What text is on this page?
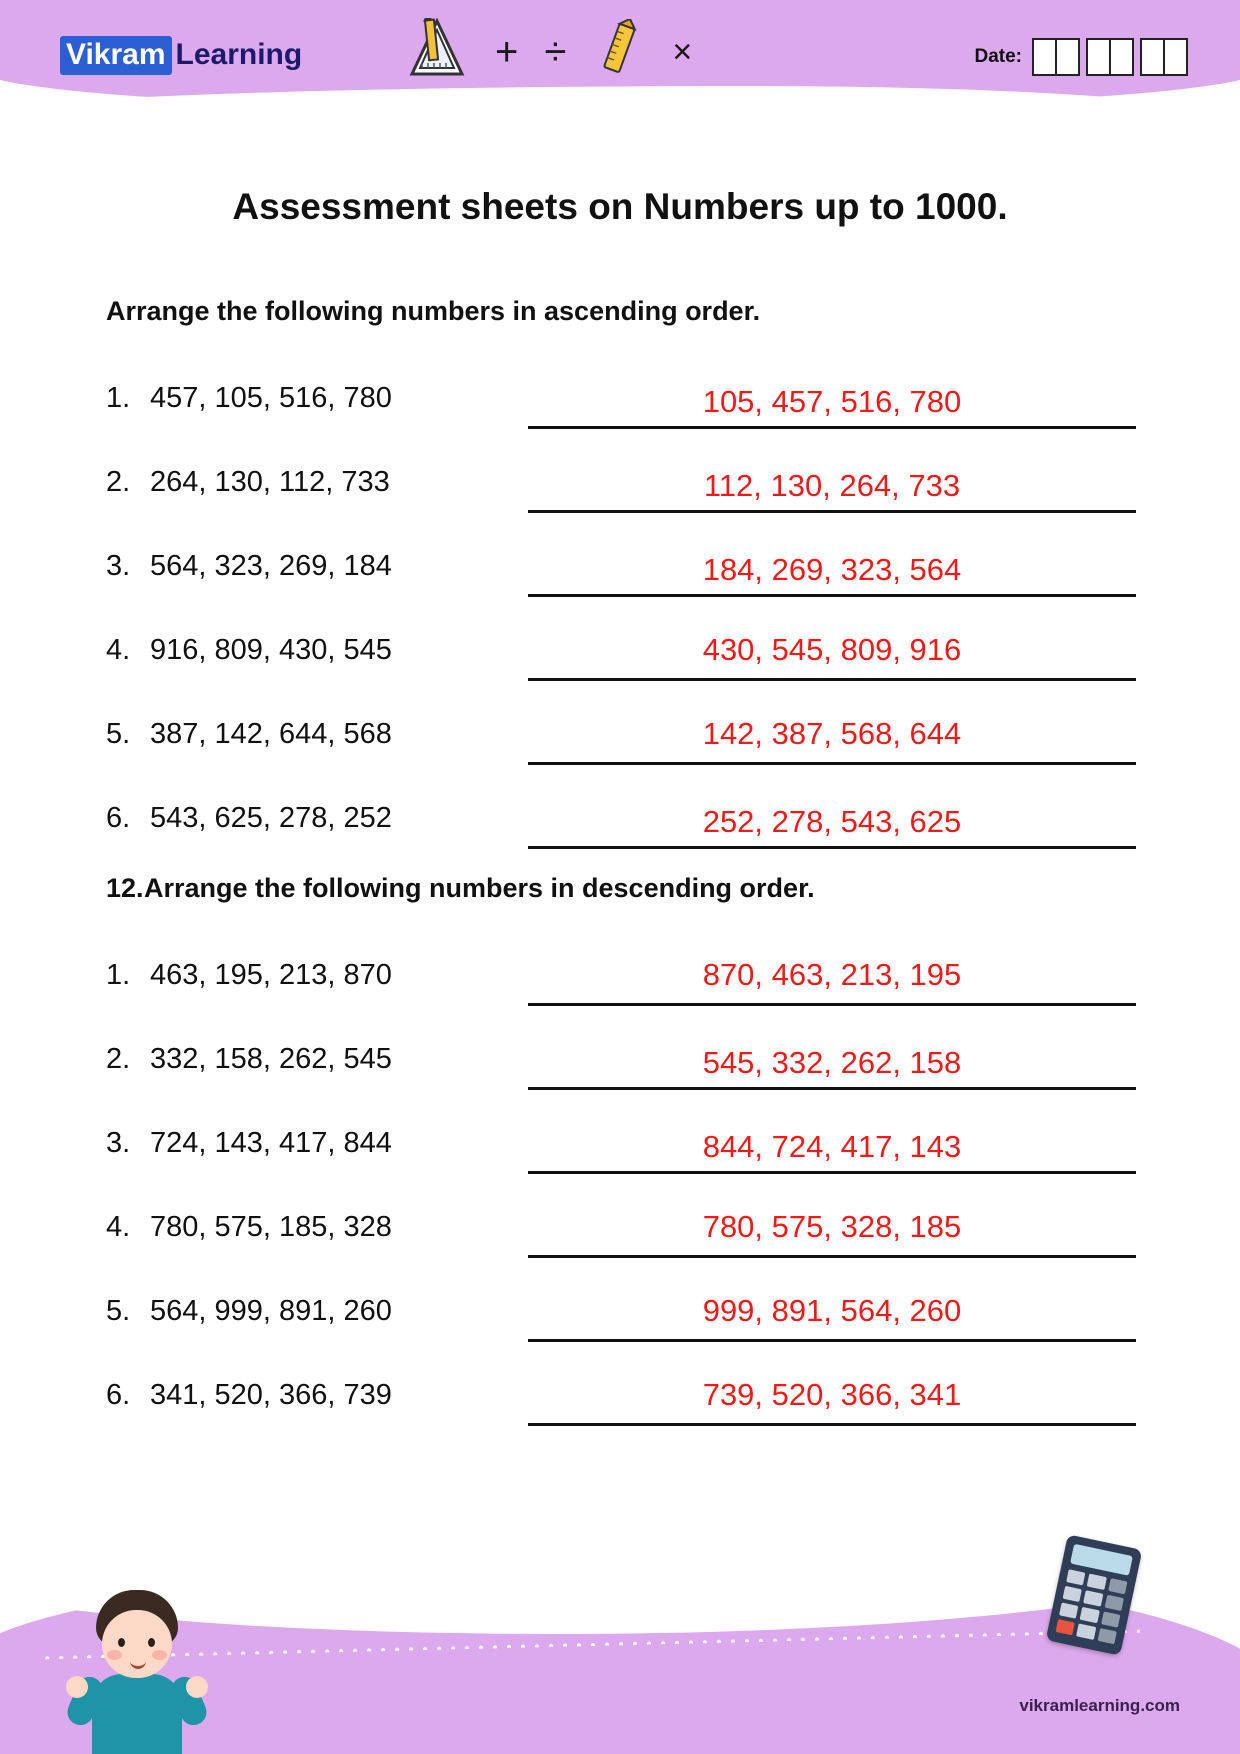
Vikram Learning	+ ÷	×	Date:
Assessment sheets on Numbers up to 1000.
Arrange the following numbers in ascending order.
1. 457, 105, 516, 780	105, 457, 516, 780
2. 264, 130, 112, 733	112, 130, 264, 733
3. 564, 323, 269, 184	184, 269, 323, 564
4. 916, 809, 430, 545	430, 545, 809, 916
5. 387, 142, 644, 568	142, 387, 568, 644
6. 543, 625, 278, 252	252, 278, 543, 625
12. Arrange the following numbers in descending order.
1. 463, 195, 213, 870	870, 463, 213, 195
2. 332, 158, 262, 545	545, 332, 262, 158
3. 724, 143, 417, 844	844, 724, 417, 143
4. 780, 575, 185, 328	780, 575, 328, 185
5. 564, 999, 891, 260	999, 891, 564, 260
6. 341, 520, 366, 739	739, 520, 366, 341
vikramlearning.com
